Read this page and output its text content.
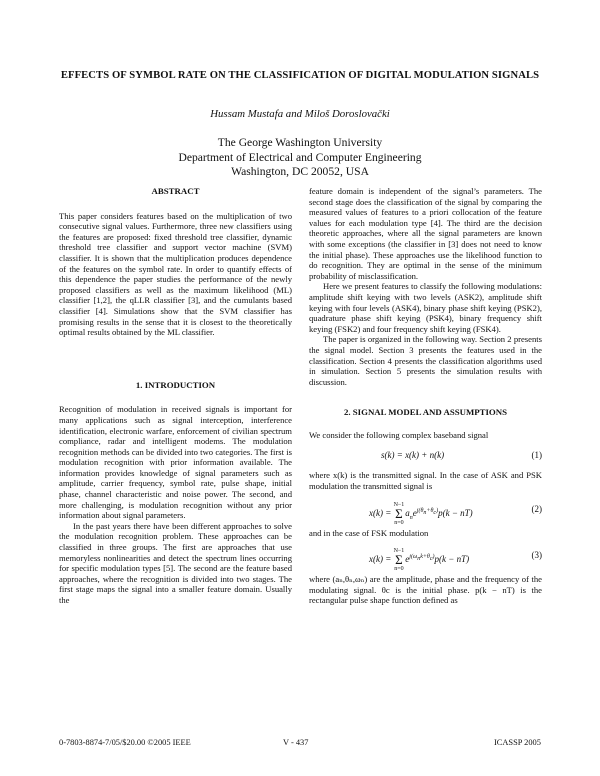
EFFECTS OF SYMBOL RATE ON THE CLASSIFICATION OF DIGITAL MODULATION SIGNALS
Hussam Mustafa and Miloš Doroslovački
The George Washington University
Department of Electrical and Computer Engineering
Washington, DC 20052, USA

ABSTRACT

This paper considers features based on the multiplication of two consecutive signal values. Furthermore, three new classifiers using the features are proposed: fixed threshold tree classifier, dynamic threshold tree classifier and support vector machine (SVM) classifier. It is shown that the multiplication produces dependence of the features on the symbol rate. In order to quantify effects of this dependence the paper studies the performance of the newly proposed classifiers as well as the maximum likelihood (ML) classifier [1,2], the qLLR classifier [3], and the cumulants based classifier [4]. Simulations show that the SVM classifier has promising results in the sense that it is closest to the theoretically optimal results obtained by the ML classifier.

1. INTRODUCTION

Recognition of modulation in received signals is important for many applications such as signal interception, interference identification, electronic warfare, enforcement of civilian spectrum compliance, radar and intelligent modems. The modulation recognition methods can be divided into two categories. The first is modulation recognition with prior information available. The information provides knowledge of signal parameters such as amplitude, carrier frequency, symbol rate, pulse shape, initial phase, channel characteristic and noise power. The second, and more challenging, is modulation recognition without any prior information about signal parameters.

In the past years there have been different approaches to solve the modulation recognition problem. These approaches can be classified in three groups. The first are approaches that use memoryless nonlinearities and detect the spectrum lines occurring for specific modulation types [5]. The second are the feature based approaches, where the recognition is divided into two stages. The first stage maps the signal into a smaller feature domain. Usually the

feature domain is independent of the signal’s parameters. The second stage does the classification of the signal by comparing the measured values of features to a priori collocation of the feature values for each modulation type [4]. The third are the decision theoretic approaches, where all the signal parameters are known with some exceptions (the classifier in [3] does not need to know the initial phase). These approaches use the likelihood function to do recognition. They are optimal in the sense of the minimum probability of misclassification.

Here we present features to classify the following modulations: amplitude shift keying with two levels (ASK2), amplitude shift keying with four levels (ASK4), binary phase shift keying (PSK2), quadrature phase shift keying (PSK4), binary frequency shift keying (FSK2) and four frequency shift keying (FSK4).

The paper is organized in the following way. Section 2 presents the signal model. Section 3 presents the features used in the classification. Section 4 presents the classification algorithms used in simulation. Section 5 presents the simulation results with discussion.

2. SIGNAL MODEL AND ASSUMPTIONS

We consider the following complex baseband signal

s(k) = x(k) + n(k)	(1)

where x(k) is the transmitted signal. In the case of ASK and PSK modulation the transmitted signal is

x(k) = N−1
Σ
$n=0a_ne^{j(\theta_n+\theta_c)}p(k - nT)$	(2)

and in the case of FSK modulation

x(k) = N−1
Σ
$n=0e^{j(\omega_nk+\theta_c)}p(k - nT)$	(3)

where (aₙ,θₙ,ωₙ) are the amplitude, phase and the frequency of the modulating signal. θc is the initial phase. p(k − nT) is the rectangular pulse shape function defined as

0-7803-8874-7/05/$20.00 ©2005 IEEE	V - 437	ICASSP 2005
